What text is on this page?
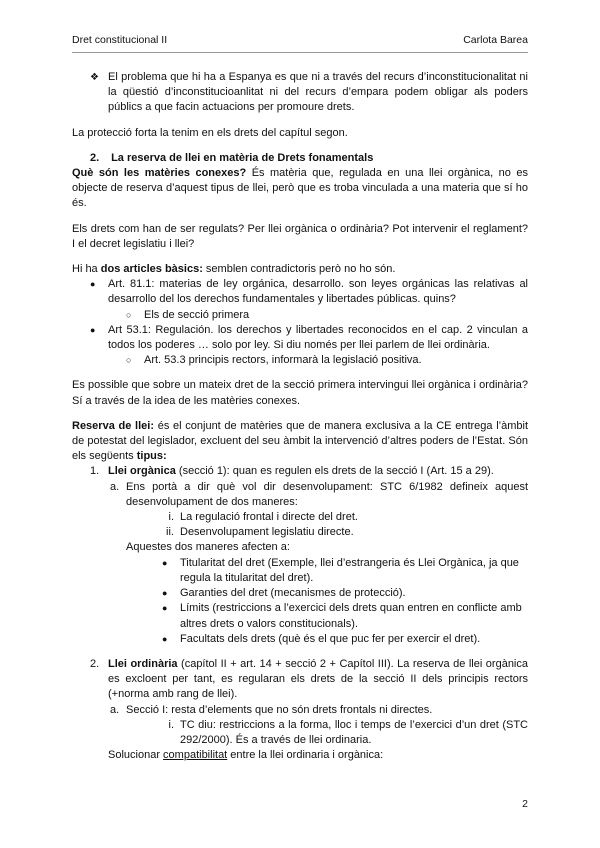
Dret constitucional II	Carlota Barea
❖ El problema que hi ha a Espanya es que ni a través del recurs d’inconstitucionalitat ni la qüestió d’inconstitucioanlitat ni del recurs d’empara podem obligar als poders públics a que facin actuacions per promoure drets.
La protecció forta la tenim en els drets del capítul segon.
2. La reserva de llei en matèria de Drets fonamentals
Què són les matèries conexes? És matèria que, regulada en una llei orgànica, no es objecte de reserva d’aquest tipus de llei, però que es troba vinculada a una materia que sí ho és.
Els drets com han de ser regulats? Per llei orgànica o ordinària? Pot intervenir el reglament? I el decret legislatiu i llei?
Hi ha dos articles bàsics: semblen contradictoris però no ho són.
● Art. 81.1: materias de ley orgánica, desarrollo. son leyes orgánicas las relativas al desarrollo del los derechos fundamentales y libertades públicas. quins?
○ Els de secció primera
● Art 53.1: Regulación. los derechos y libertades reconocidos en el cap. 2 vinculan a todos los poderes … solo por ley. Si diu només per llei parlem de llei ordinària.
○ Art. 53.3 principis rectors, informarà la legislació positiva.
Es possible que sobre un mateix dret de la secció primera intervingui llei orgànica i ordinària? Sí a través de la idea de les matèries conexes.
Reserva de llei: és el conjunt de matèries que de manera exclusiva a la CE entrega l’àmbit de potestat del legislador, excluent del seu àmbit la intervenció d’altres poders de l’Estat. Són els segϋents tipus:
1. Llei orgànica (secció 1): quan es regulen els drets de la secció I (Art. 15 a 29).
a. Ens portà a dir què vol dir desenvolupament: STC 6/1982 defineix aquest desenvolupament de dos maneres:
i. La regulació frontal i directe del dret.
ii. Desenvolupament legislatiu directe.
Aquestes dos maneres afecten a:
● Titularitat del dret (Exemple, llei d’estrangeria és Llei Orgànica, ja que regula la titularitat del dret).
● Garanties del dret (mecanismes de protecció).
● Límits (restriccions a l’exercici dels drets quan entren en conflicte amb altres drets o valors constitucionals).
● Facultats dels drets (què és el que puc fer per exercir el dret).
2. Llei ordinària (capítol II + art. 14 + secció 2 + Capítol III). La reserva de llei orgànica es excloent per tant, es regularan els drets de la secció II dels principis rectors (+norma amb rang de llei).
a. Secció I: resta d’elements que no són drets frontals ni directes.
i. TC diu: restriccions a la forma, lloc i temps de l’exercici d’un dret (STC 292/2000). És a través de llei ordinaria.
Solucionar compatibilitat entre la llei ordinaria i orgànica:
2
